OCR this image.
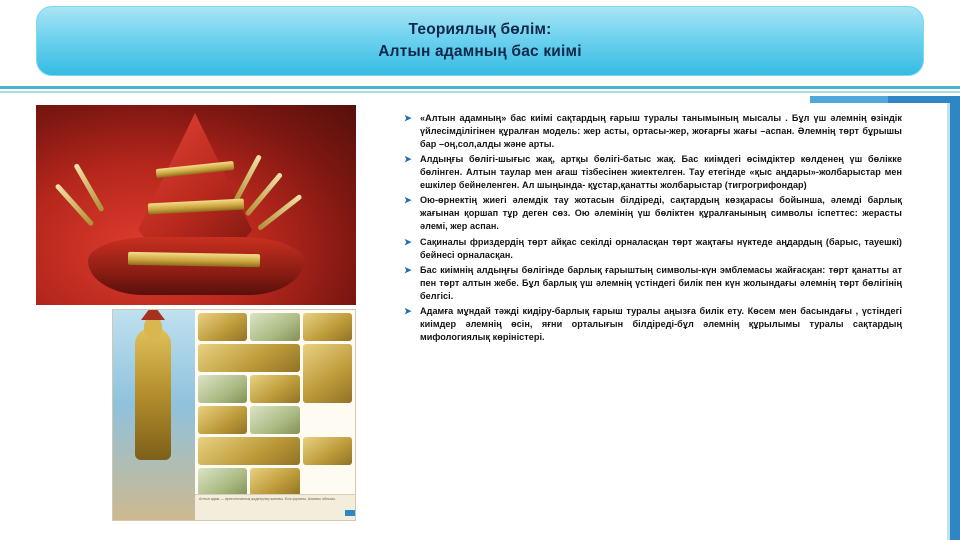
Теориялық бөлім:
Алтын адамның бас киімі
Алтын адам — археологиялық жәдігерлер жинағы. Есік қорғаны, Алматы облысы.
➤ «Алтын адамның» бас киімі сақтардың ғарыш туралы танымының мысалы . Бұл үш әлемнің өзіндік үйлесімділігінен құралған модель: жер асты, ортасы-жер, жоғарғы жағы –аспан. Әлемнің төрт бұрышы бар –оң,сол,алды және арты.
➤ Алдыңғы бөлігі-шығыс жақ, артқы бөлігі-батыс жақ. Бас киімдегі өсімдіктер көлденең үш бөлікке бөлінген. Алтын таулар мен ағаш тізбесінен жиектелген. Тау етегінде «қыс аңдары»-жолбарыстар мен ешкілер бейнеленген. Ал шыңында- құстар,қанатты жолбарыстар (тигрогрифондар)
➤ Ою-өрнектің жиегі әлемдік тау жотасын білдіреді, сақтардың көзқарасы бойынша, әлемді барлық жағынан қоршап тұр деген сөз. Ою әлемінің үш бөліктен құралғанының символы іспеттес: жерасты әлемі, жер аспан.
➤ Сақиналы фриздердің төрт айқас секілді орналасқан төрт жақтағы нүктеде аңдардың (барыс, тауешкі) бейнесі орналасқан.
➤ Бас киімнің алдыңғы бөлігінде барлық ғарыштың символы-күн эмблемасы жайғасқан: төрт қанатты ат пен төрт алтын жебе. Бұл барлық үш әлемнің үстіндегі билік пен күн жолындағы әлемнің төрт бөлігінің белгісі.
➤ Адамға мұндай тәжді кидіру-барлық ғарыш туралы аңызға билік ету. Көсем мен басындағы , үстіндегі киімдер әлемнің өсін, яғни орталығын білдіреді-бұл әлемнің құрылымы туралы сақтардың мифологиялық көріністері.
